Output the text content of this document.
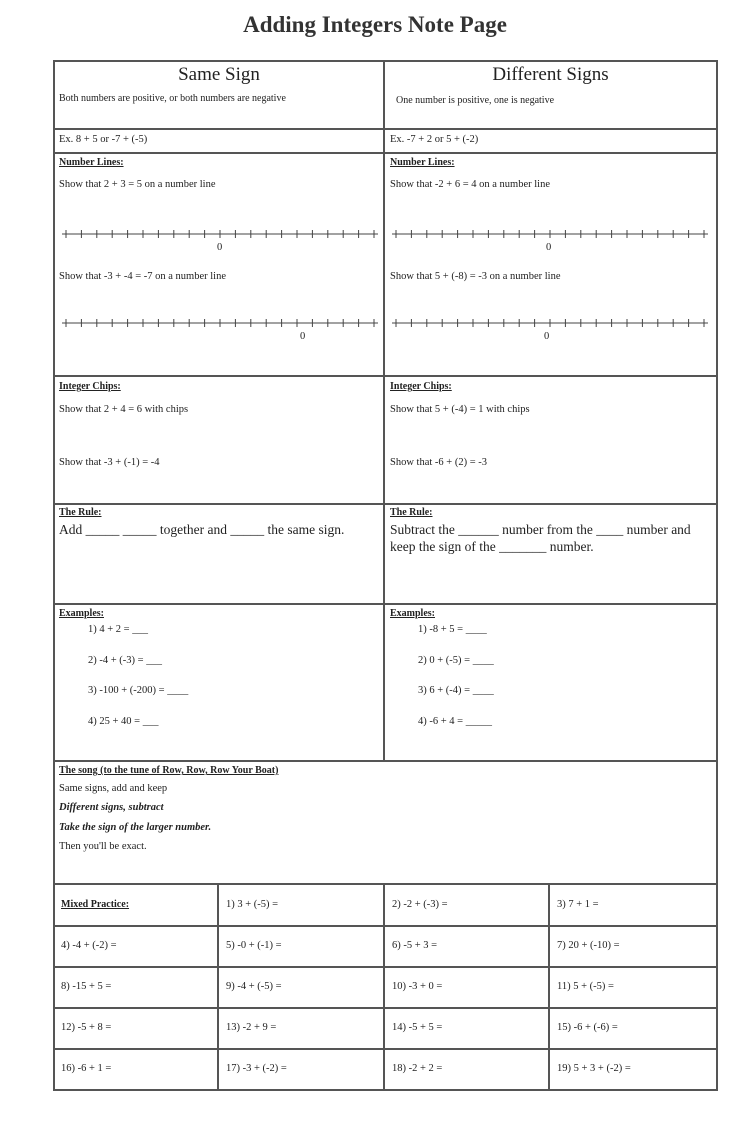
Adding Integers Note Page
Same Sign
Both numbers are positive, or both numbers are negative
Ex. 8 + 5 or -7 + (-5)
Number Lines:
Show that 2 + 3 = 5 on a number line
0
Show that -3 + -4 = -7 on a number line
0
Integer Chips:
Show that 2 + 4 = 6 with chips
Show that -3 + (-1) = -4
The Rule:
Add _____ _____ together and _____ the same sign.
Examples:
1) 4 + 2 = ___
2) -4 + (-3) = ___
3) -100 + (-200) = ____
4) 25 + 40 = ___
Different Signs
One number is positive, one is negative
Ex. -7 + 2 or 5 + (-2)
Number Lines:
Show that -2 + 6 = 4 on a number line
0
Show that 5 + (-8) = -3 on a number line
0
Integer Chips:
Show that 5 + (-4) = 1 with chips
Show that -6 + (2) = -3
The Rule:
Subtract the ______ number from the ____ number and keep the sign of the _______ number.
Examples:
1) -8 + 5 = ____
2) 0 + (-5) = ____
3) 6 + (-4) = ____
4) -6 + 4 = _____
The song (to the tune of Row, Row, Row Your Boat)
Same signs, add and keep
Different signs, subtract
Take the sign of the larger number.
Then you'll be exact.
Mixed Practice:	1) 3 + (-5) =	2) -2 + (-3) =	3) 7 + 1 =
4) -4 + (-2) =	5) -0 + (-1) =	6) -5 + 3 =	7) 20 + (-10) =
8) -15 + 5 =	9) -4 + (-5) =	10) -3 + 0 =	11) 5 + (-5) =
12) -5 + 8 =	13) -2 + 9 =	14) -5 + 5 =	15) -6 + (-6) =
16) -6 + 1 =	17) -3 + (-2) =	18) -2 + 2 =	19) 5 + 3 + (-2) =
